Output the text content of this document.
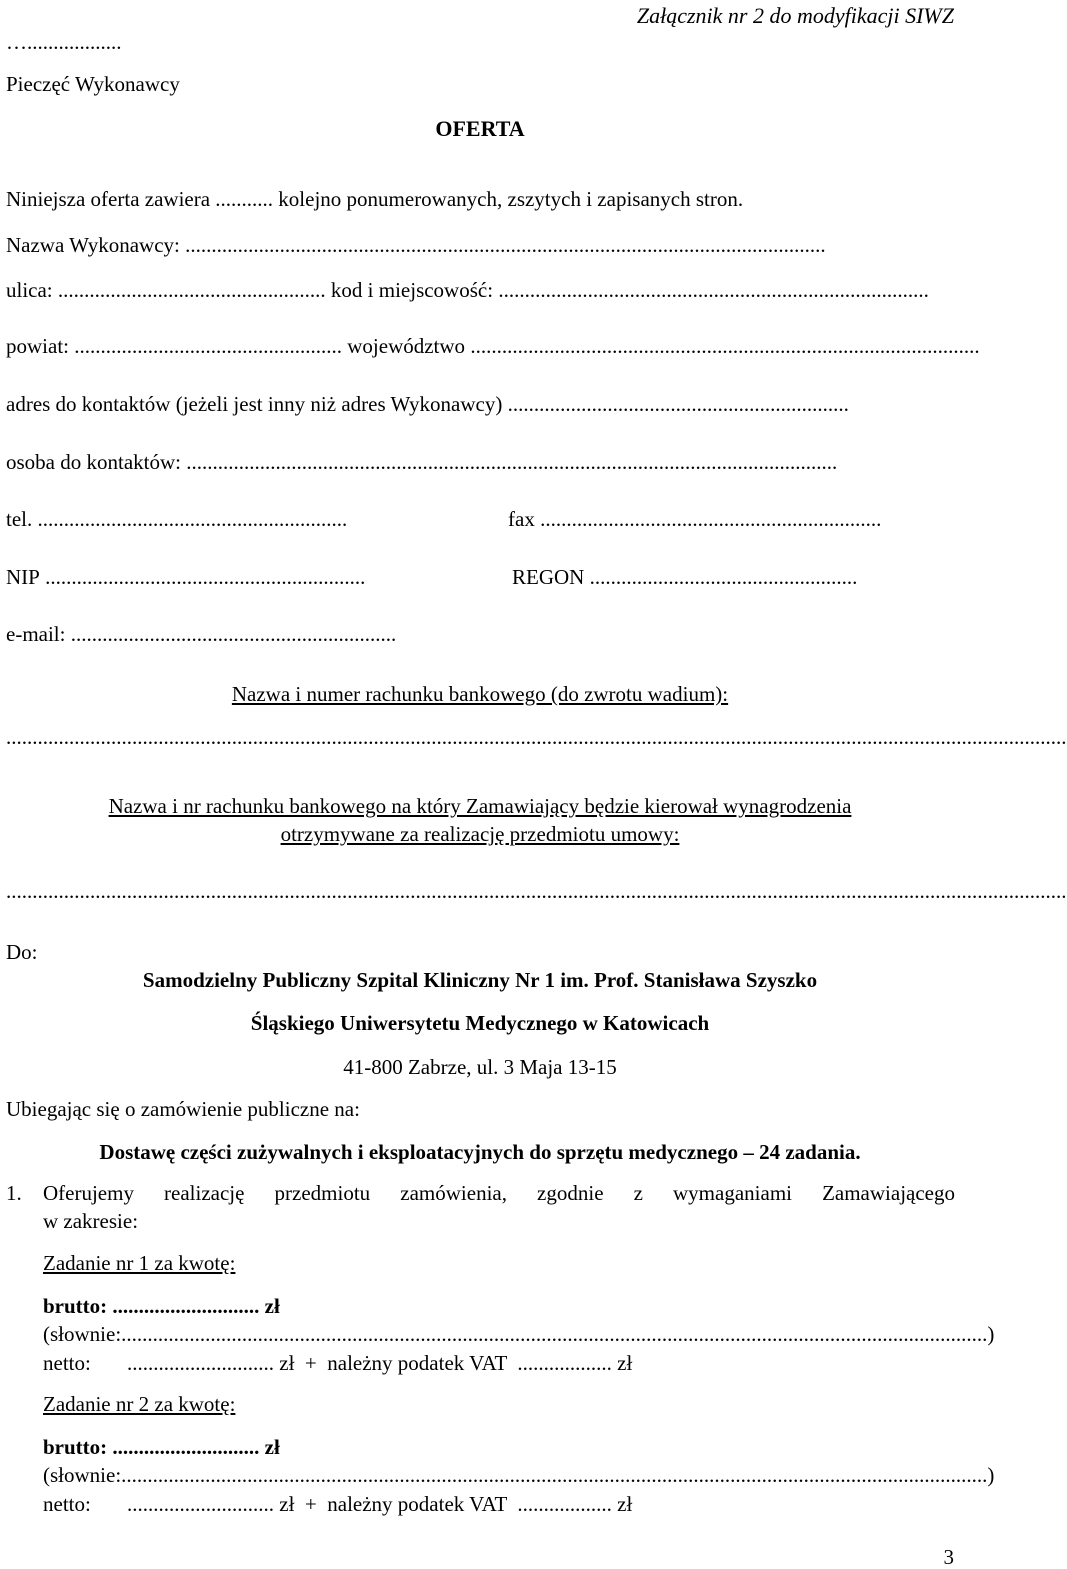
Załącznik nr 2 do modyfikacji SIWZ
…..................
Pieczęć Wykonawcy
OFERTA
Niniejsza oferta zawiera
...........
kolejno ponumerowanych, zszytych i zapisanych stron.
Nazwa Wykonawcy:
..........................................................................................................................
ulica:
...................................................
kod i miejscowość:
..................................................................................
powiat:
...................................................
województwo
.................................................................................................
adres do kontaktów (jeżeli jest inny niż adres Wykonawcy)
.................................................................
osoba do kontaktów:
............................................................................................................................
tel.
...........................................................	fax
.................................................................
NIP
.............................................................	REGON
...................................................
e-mail:
..............................................................
Nazwa i numer rachunku bankowego (do zwrotu wadium):
..........................................................................................................................................................................................................
Nazwa i nr rachunku bankowego na który Zamawiający będzie kierował wynagrodzenia
otrzymywane za realizację przedmiotu umowy:
..........................................................................................................................................................................................................
Do:
Samodzielny Publiczny Szpital Kliniczny Nr 1 im. Prof. Stanisława Szyszko
Śląskiego Uniwersytetu Medycznego w Katowicach
41-800 Zabrze, ul. 3 Maja 13-15
Ubiegając się o zamówienie publiczne na:
Dostawę części zużywalnych i eksploatacyjnych do sprzętu medycznego – 24 zadania.
1. Oferujemy realizację przedmiotu zamówienia, zgodnie z wymaganiami Zamawiającego
w zakresie:
Zadanie nr 1 za kwotę:
brutto: ............................ zł
(słownie: ..................................................................................................................................................................... )
netto: ............................ zł  +  należny podatek VAT  .................. zł
Zadanie nr 2 za kwotę:
brutto: ............................ zł
(słownie: ..................................................................................................................................................................... )
netto: ............................ zł  +  należny podatek VAT  .................. zł
3
